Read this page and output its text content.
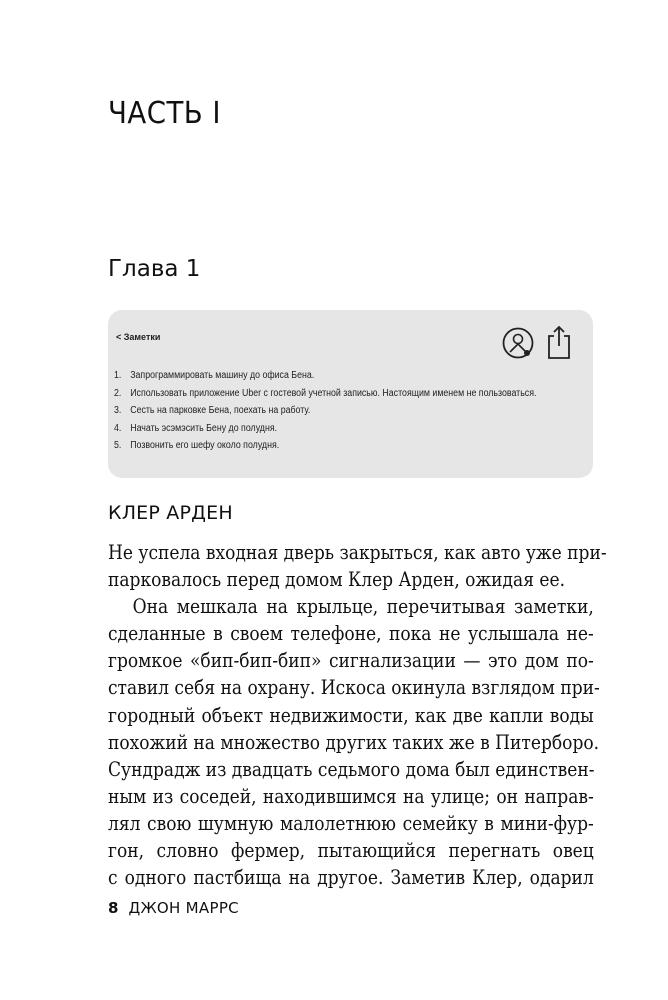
ЧАСТЬ I
Глава 1
< Заметки
1. Запрограммировать машину до офиса Бена.
2. Использовать приложение Uber с гостевой учетной записью. Настоящим именем не пользоваться.
3. Сесть на парковке Бена, поехать на работу.
4. Начать эсэмэсить Бену до полудня.
5. Позвонить его шефу около полудня.
КЛЕР АРДЕН
Не успела входная дверь закрыться, как авто уже при-
парковалось перед домом Клер Арден, ожидая ее.
Она мешкала на крыльце, перечитывая заметки,
сделанные в своем телефоне, пока не услышала не-
громкое «бип-бип-бип» сигнализации — это дом по-
ставил себя на охрану. Искоса окинула взглядом при-
городный объект недвижимости, как две капли воды
похожий на множество других таких же в Питерборо.
Сундрадж из двадцать седьмого дома был единствен-
ным из соседей, находившимся на улице; он направ-
лял свою шумную малолетнюю семейку в мини-фур-
гон, словно фермер, пытающийся перегнать овец
с одного пастбища на другое. Заметив Клер, одарил
8 ДЖОН МАРРС
